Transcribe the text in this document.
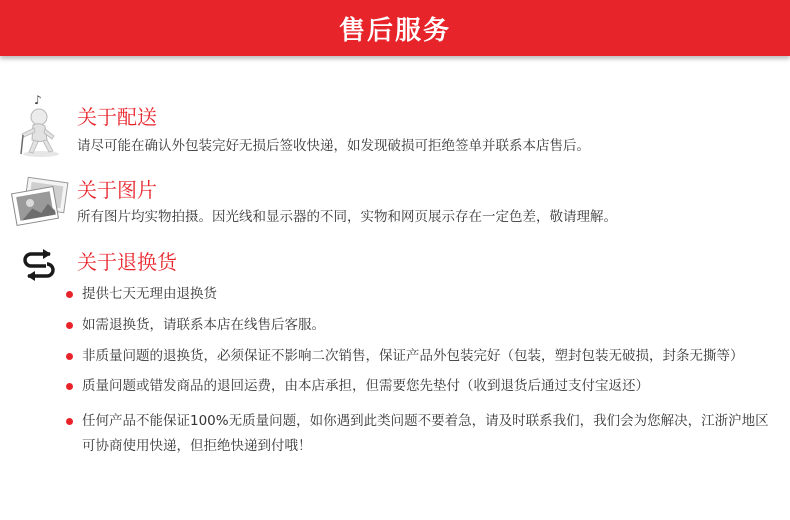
售后服务
♪
关于配送
请尽可能在确认外包装完好无损后签收快递，如发现破损可拒绝签单并联系本店售后。
关于图片
所有图片均实物拍摄。因光线和显示器的不同，实物和网页展示存在一定色差，敬请理解。
关于退换货
提供七天无理由退换货
如需退换货，请联系本店在线售后客服。
非质量问题的退换货，必须保证不影响二次销售，保证产品外包装完好（包装，塑封包装无破损，封条无撕等）
质量问题或错发商品的退回运费，由本店承担，但需要您先垫付（收到退货后通过支付宝返还）
任何产品不能保证100%无质量问题，如你遇到此类问题不要着急，请及时联系我们，我们会为您解决，江浙沪地区可协商使用快递，但拒绝快递到付哦！
